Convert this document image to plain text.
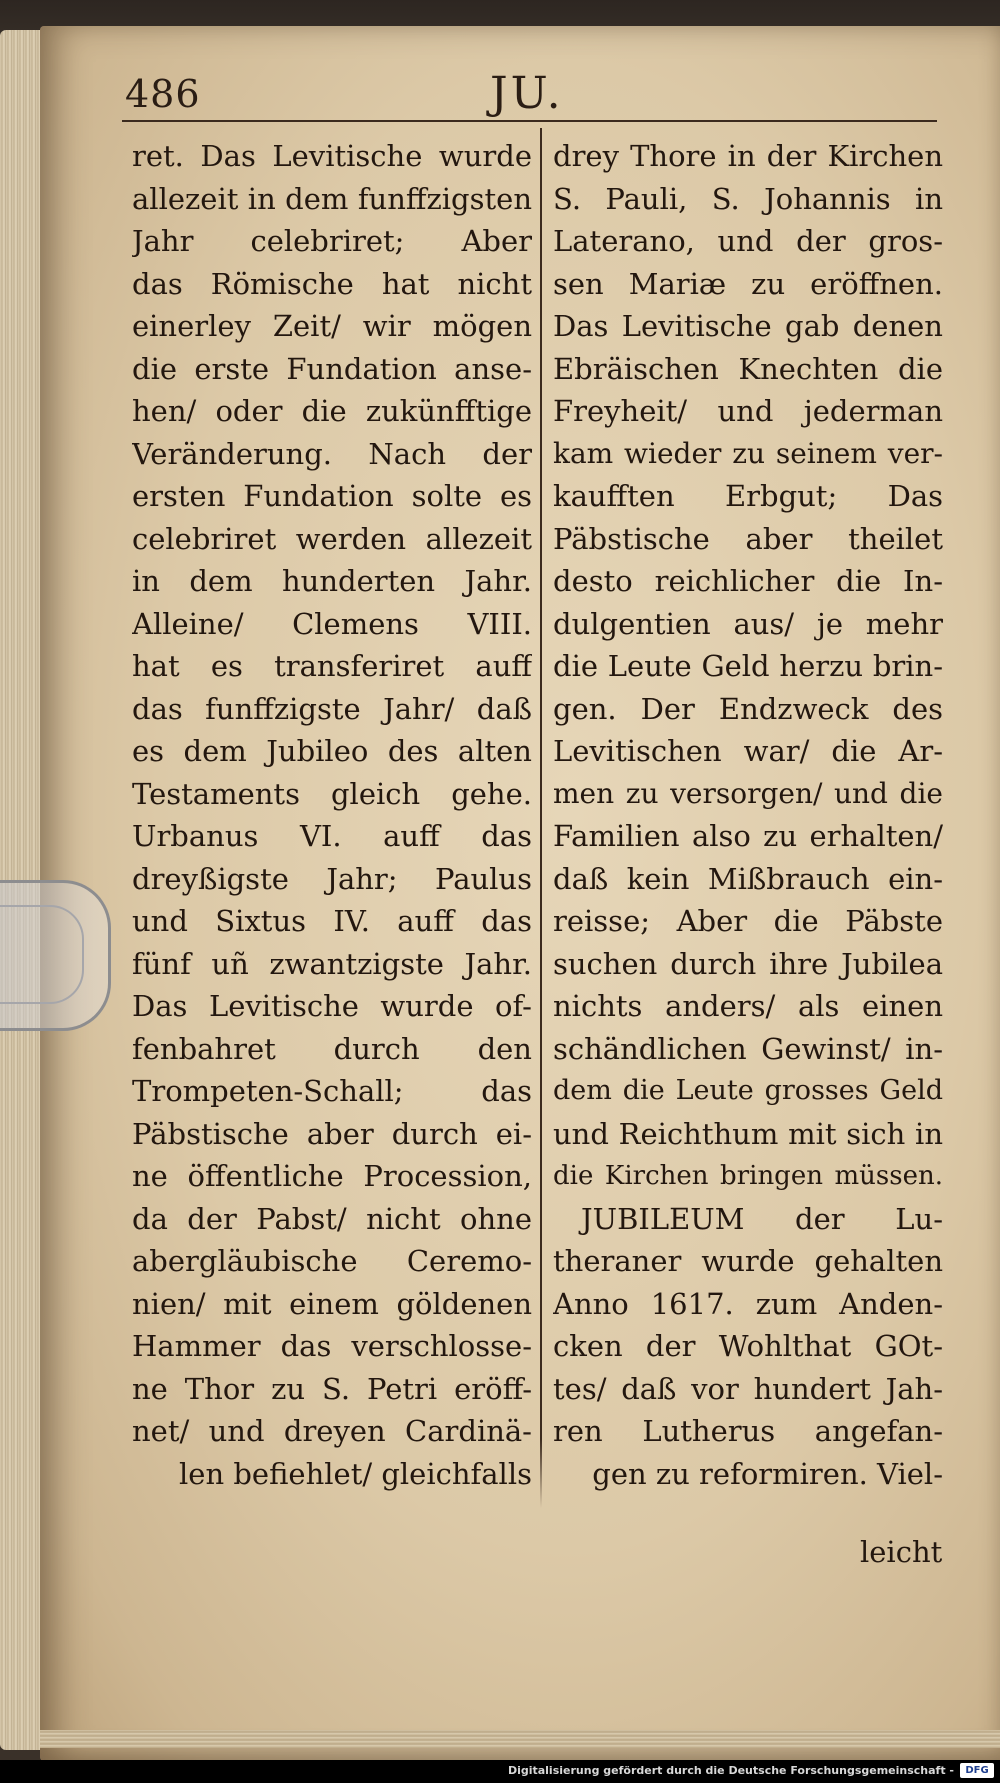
486	JU.
ret. Das Levitische wurde
allezeit in dem funffzigsten
Jahr celebriret; Aber
das Römische hat nicht
einerley Zeit/ wir mögen
die erste Fundation anse-
hen/ oder die zukünfftige
Veränderung. Nach der
ersten Fundation solte es
celebriret werden allezeit
in dem hunderten Jahr.
Alleine/ Clemens VIII.
hat es transferiret auff
das funffzigste Jahr/ daß
es dem Jubileo des alten
Testaments gleich gehe.
Urbanus VI. auff das
dreyßigste Jahr; Paulus
und Sixtus IV. auff das
fünf uñ zwantzigste Jahr.
Das Levitische wurde of-
fenbahret durch den
Trompeten-Schall; das
Päbstische aber durch ei-
ne öffentliche Procession,
da der Pabst/ nicht ohne
abergläubische Ceremo-
nien/ mit einem göldenen
Hammer das verschlosse-
ne Thor zu S. Petri eröff-
net/ und dreyen Cardinä-
len befiehlet/ gleichfalls
drey Thore in der Kirchen
S. Pauli, S. Johannis in
Laterano, und der gros-
sen Mariæ zu eröffnen.
Das Levitische gab denen
Ebräischen Knechten die
Freyheit/ und jederman
kam wieder zu seinem ver-
kaufften Erbgut; Das
Päbstische aber theilet
desto reichlicher die In-
dulgentien aus/ je mehr
die Leute Geld herzu brin-
gen. Der Endzweck des
Levitischen war/ die Ar-
men zu versorgen/ und die
Familien also zu erhalten/
daß kein Mißbrauch ein-
reisse; Aber die Päbste
suchen durch ihre Jubilea
nichts anders/ als einen
schändlichen Gewinst/ in-
dem die Leute grosses Geld
und Reichthum mit sich in
die Kirchen bringen müssen.
JUBILEUM der Lu-
theraner wurde gehalten
Anno 1617. zum Anden-
cken der Wohlthat GOt-
tes/ daß vor hundert Jah-
ren Lutherus angefan-
gen zu reformiren. Viel-
leicht
Digitalisierung gefördert durch die Deutsche Forschungsgemeinschaft -	DFG
